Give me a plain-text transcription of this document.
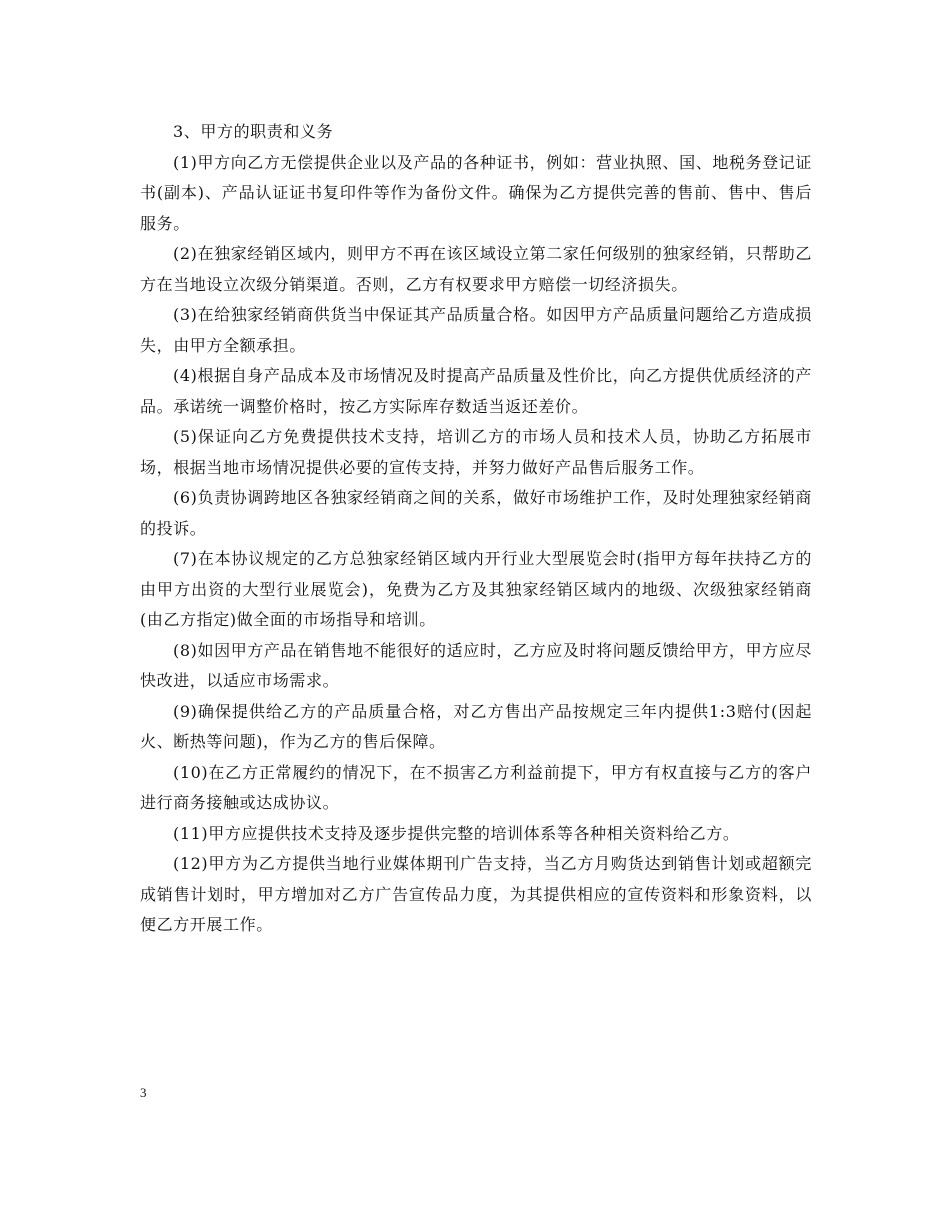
3、甲方的职责和义务

(1)甲方向乙方无偿提供企业以及产品的各种证书，例如：营业执照、国、地税务登记证书(副本)、产品认证证书复印件等作为备份文件。确保为乙方提供完善的售前、售中、售后服务。

(2)在独家经销区域内，则甲方不再在该区域设立第二家任何级别的独家经销，只帮助乙方在当地设立次级分销渠道。否则，乙方有权要求甲方赔偿一切经济损失。

(3)在给独家经销商供货当中保证其产品质量合格。如因甲方产品质量问题给乙方造成损失，由甲方全额承担。

(4)根据自身产品成本及市场情况及时提高产品质量及性价比，向乙方提供优质经济的产品。承诺统一调整价格时，按乙方实际库存数适当返还差价。

(5)保证向乙方免费提供技术支持，培训乙方的市场人员和技术人员，协助乙方拓展市场，根据当地市场情况提供必要的宣传支持，并努力做好产品售后服务工作。

(6)负责协调跨地区各独家经销商之间的关系，做好市场维护工作，及时处理独家经销商的投诉。

(7)在本协议规定的乙方总独家经销区域内开行业大型展览会时(指甲方每年扶持乙方的由甲方出资的大型行业展览会)，免费为乙方及其独家经销区域内的地级、次级独家经销商(由乙方指定)做全面的市场指导和培训。

(8)如因甲方产品在销售地不能很好的适应时，乙方应及时将问题反馈给甲方，甲方应尽快改进，以适应市场需求。

(9)确保提供给乙方的产品质量合格，对乙方售出产品按规定三年内提供1:3赔付(因起火、断热等问题)，作为乙方的售后保障。

(10)在乙方正常履约的情况下，在不损害乙方利益前提下，甲方有权直接与乙方的客户进行商务接触或达成协议。

(11)甲方应提供技术支持及逐步提供完整的培训体系等各种相关资料给乙方。

(12)甲方为乙方提供当地行业媒体期刊广告支持，当乙方月购货达到销售计划或超额完成销售计划时，甲方增加对乙方广告宣传品力度，为其提供相应的宣传资料和形象资料，以便乙方开展工作。

3
